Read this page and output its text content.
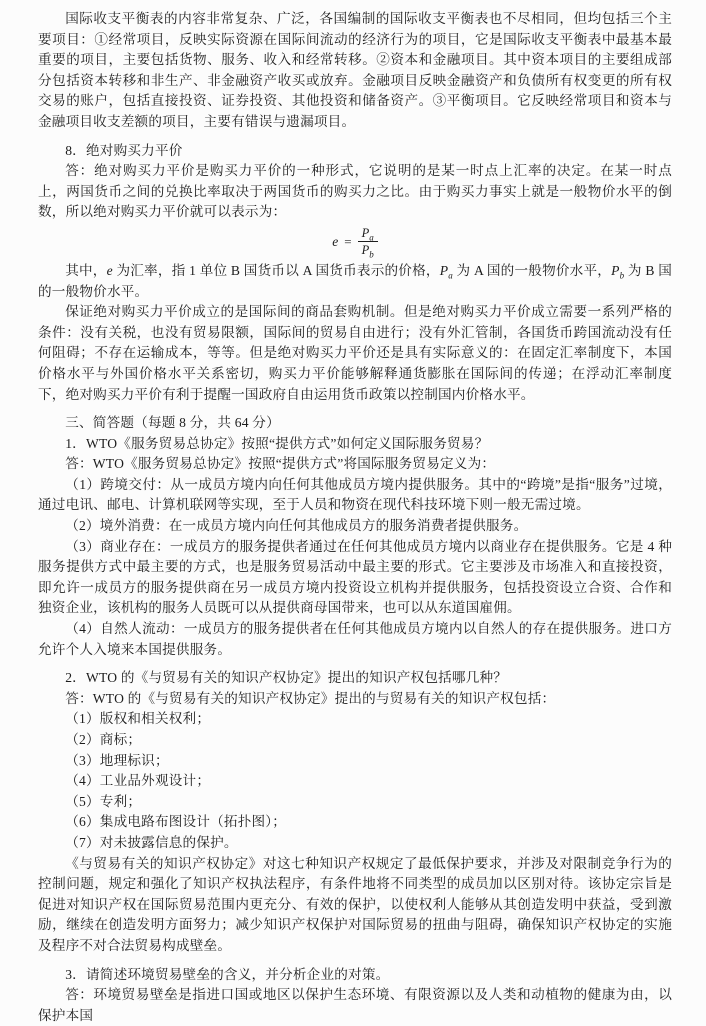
国际收支平衡表的内容非常复杂、广泛，各国编制的国际收支平衡表也不尽相同，但均包括三个主要项目：①经常项目，反映实际资源在国际间流动的经济行为的项目，它是国际收支平衡表中最基本最重要的项目，主要包括货物、服务、收入和经常转移。②资本和金融项目。其中资本项目的主要组成部分包括资本转移和非生产、非金融资产收买或放弃。金融项目反映金融资产和负债所有权变更的所有权交易的账户，包括直接投资、证券投资、其他投资和储备资产。③平衡项目。它反映经常项目和资本与金融项目收支差额的项目，主要有错误与遗漏项目。

8．绝对购买力平价

答：绝对购买力平价是购买力平价的一种形式，它说明的是某一时点上汇率的决定。在某一时点上，两国货币之间的兑换比率取决于两国货币的购买力之比。由于购买力事实上就是一般物价水平的倒数，所以绝对购买力平价就可以表示为：

$e = \frac{P_a}{P_b}$

其中，e 为汇率，指 1 单位 B 国货币以 A 国货币表示的价格，$P_a$ 为 A 国的一般物价水平，$P_b$ 为 B 国的一般物价水平。

保证绝对购买力平价成立的是国际间的商品套购机制。但是绝对购买力平价成立需要一系列严格的条件：没有关税，也没有贸易限额，国际间的贸易自由进行；没有外汇管制，各国货币跨国流动没有任何阻碍；不存在运输成本，等等。但是绝对购买力平价还是具有实际意义的：在固定汇率制度下，本国价格水平与外国价格水平关系密切，购买力平价能够解释通货膨胀在国际间的传递；在浮动汇率制度下，绝对购买力平价有利于提醒一国政府自由运用货币政策以控制国内价格水平。

三、简答题（每题 8 分，共 64 分）

1．WTO《服务贸易总协定》按照“提供方式”如何定义国际服务贸易？

答：WTO《服务贸易总协定》按照“提供方式”将国际服务贸易定义为：

（1）跨境交付：从一成员方境内向任何其他成员方境内提供服务。其中的“跨境”是指“服务”过境，通过电讯、邮电、计算机联网等实现，至于人员和物资在现代科技环境下则一般无需过境。

（2）境外消费：在一成员方境内向任何其他成员方的服务消费者提供服务。

（3）商业存在：一成员方的服务提供者通过在任何其他成员方境内以商业存在提供服务。它是 4 种服务提供方式中最主要的方式，也是服务贸易活动中最主要的形式。它主要涉及市场准入和直接投资，即允许一成员方的服务提供商在另一成员方境内投资设立机构并提供服务，包括投资设立合资、合作和独资企业，该机构的服务人员既可以从提供商母国带来，也可以从东道国雇佣。

（4）自然人流动：一成员方的服务提供者在任何其他成员方境内以自然人的存在提供服务。进口方允许个人入境来本国提供服务。

2．WTO 的《与贸易有关的知识产权协定》提出的知识产权包括哪几种？

答：WTO 的《与贸易有关的知识产权协定》提出的与贸易有关的知识产权包括：

（1）版权和相关权利；

（2）商标；

（3）地理标识；

（4）工业品外观设计；

（5）专利；

（6）集成电路布图设计（拓扑图）；

（7）对未披露信息的保护。

《与贸易有关的知识产权协定》对这七种知识产权规定了最低保护要求，并涉及对限制竞争行为的控制问题，规定和强化了知识产权执法程序，有条件地将不同类型的成员加以区别对待。该协定宗旨是促进对知识产权在国际贸易范围内更充分、有效的保护，以使权利人能够从其创造发明中获益，受到激励，继续在创造发明方面努力；减少知识产权保护对国际贸易的扭曲与阻碍，确保知识产权协定的实施及程序不对合法贸易构成壁垒。

3．请简述环境贸易壁垒的含义，并分析企业的对策。

答：环境贸易壁垒是指进口国或地区以保护生态环境、有限资源以及人类和动植物的健康为由，以保护本国
